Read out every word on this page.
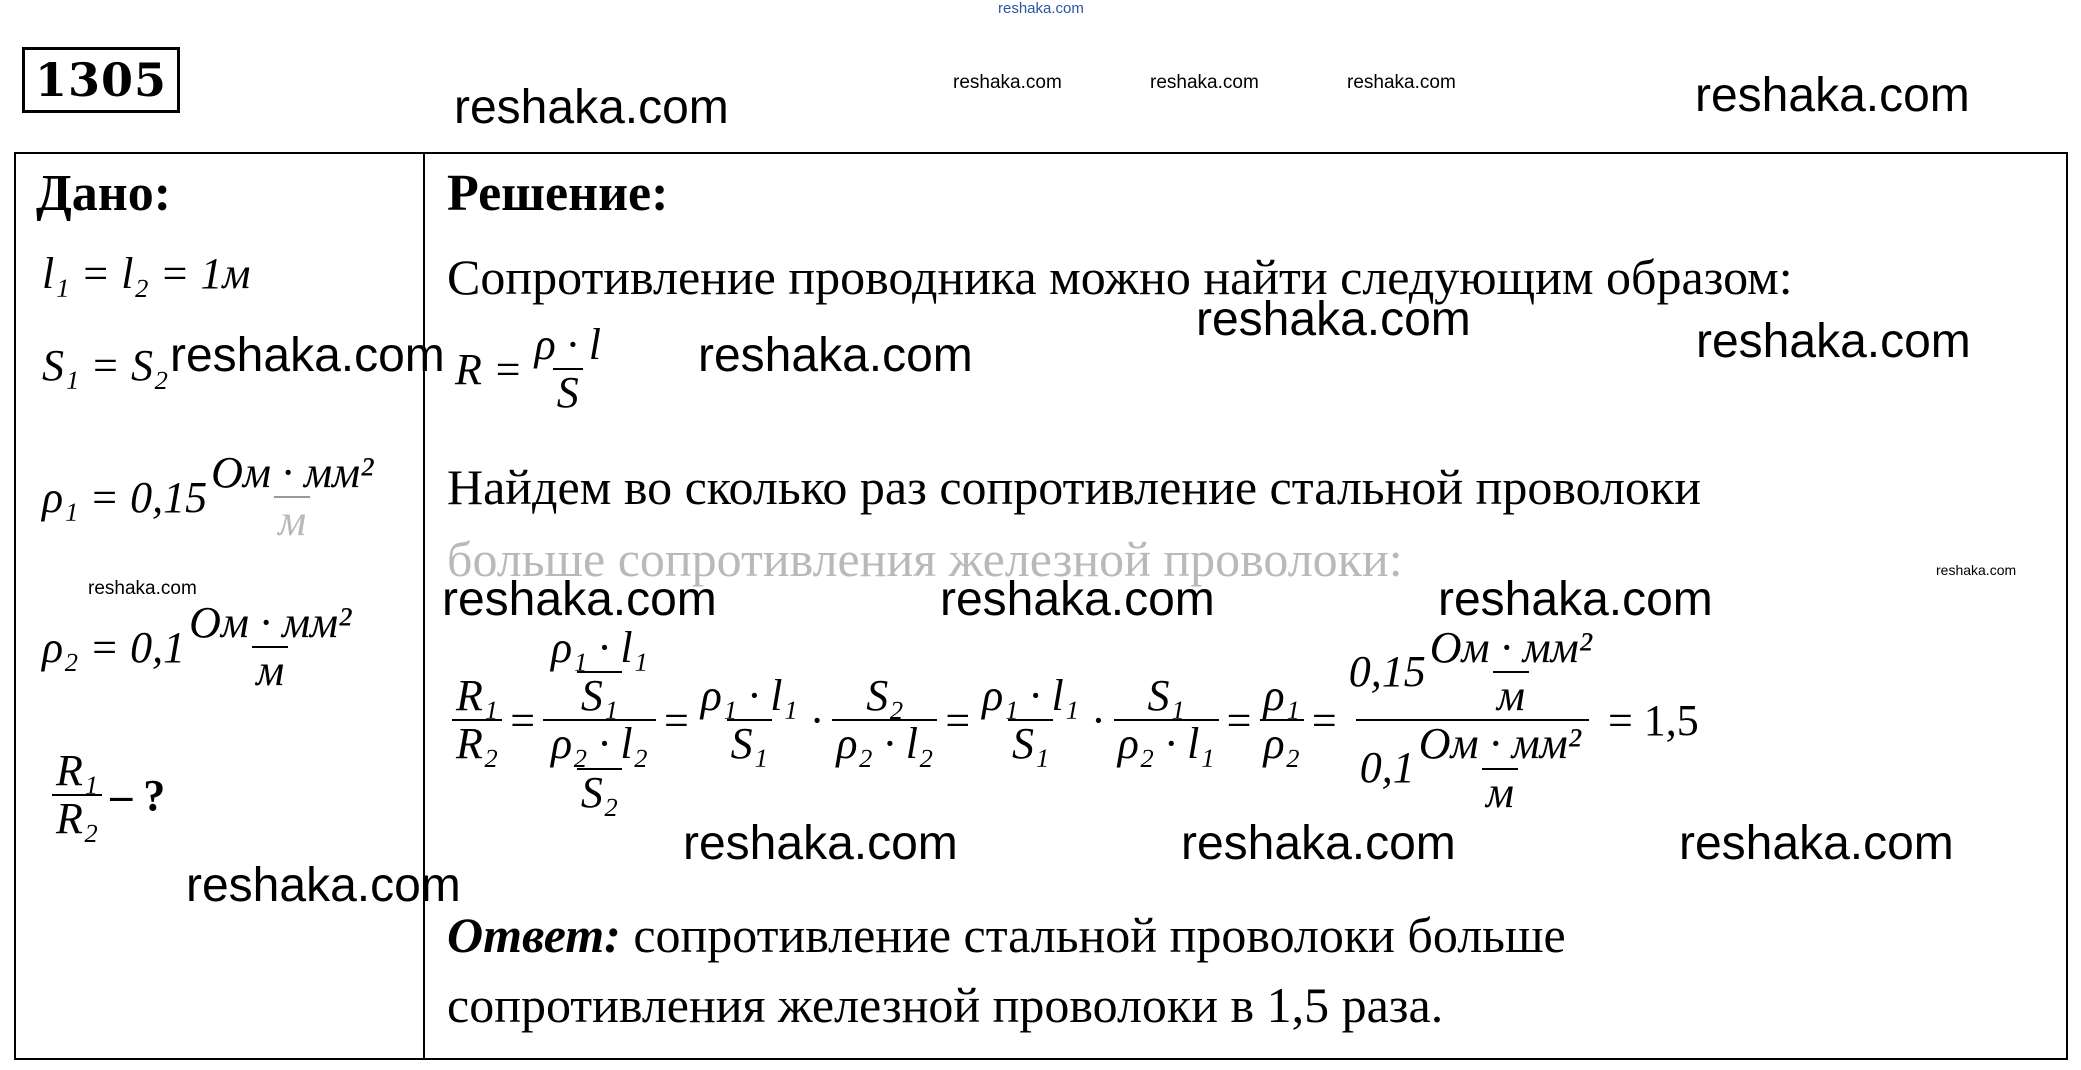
reshaka.com
1305
reshaka.com	reshaka.com	reshaka.com	reshaka.com	reshaka.com
Дано:
l₁ = l₂ = 1м
S₁ = S₂
$\rho_1 = 0,15 \frac{\text{Ом · мм²}}{м}$
$\rho_2 = 0,1 \frac{\text{Ом · мм²}}{м}$
$\frac{\text{R₁}}{\text{R₂}}$ – ?
reshaka.com
reshaka.com
reshaka.com
Решение:
Сопротивление проводника можно найти следующим образом:
$R = \frac{\rho \cdot l}{S}$
Найдем во сколько раз сопротивление стальной проволоки
больше сопротивления железной проволоки:
$\frac{\text{R₁}}{\text{R₂}} = \frac{\frac{\text{ρ₁ · l₁}}{\text{S₁}}}{\frac{\text{ρ₂ · l₂}}{\text{S₂}}} = \frac{\text{ρ₁ · l₁}}{\text{S₁}} \cdot \frac{\text{S₂}}{\text{ρ₂ · l₂}} = \frac{\text{ρ₁ · l₁}}{\text{S₁}} \cdot \frac{\text{S₁}}{\text{ρ₂ · l₁}} = \frac{\text{ρ₁}}{\text{ρ₂}} = \frac{0,15 \frac{\text{Ом · мм²}}{м}}{0,1 \frac{\text{Ом · мм²}}{м}} = 1,5$
Ответ: сопротивление стальной проволоки больше
сопротивления железной проволоки в 1,5 раза.
reshaka.com	reshaka.com
reshaka.com
reshaka.com
reshaka.com	reshaka.com	reshaka.com
reshaka.com	reshaka.com	reshaka.com
